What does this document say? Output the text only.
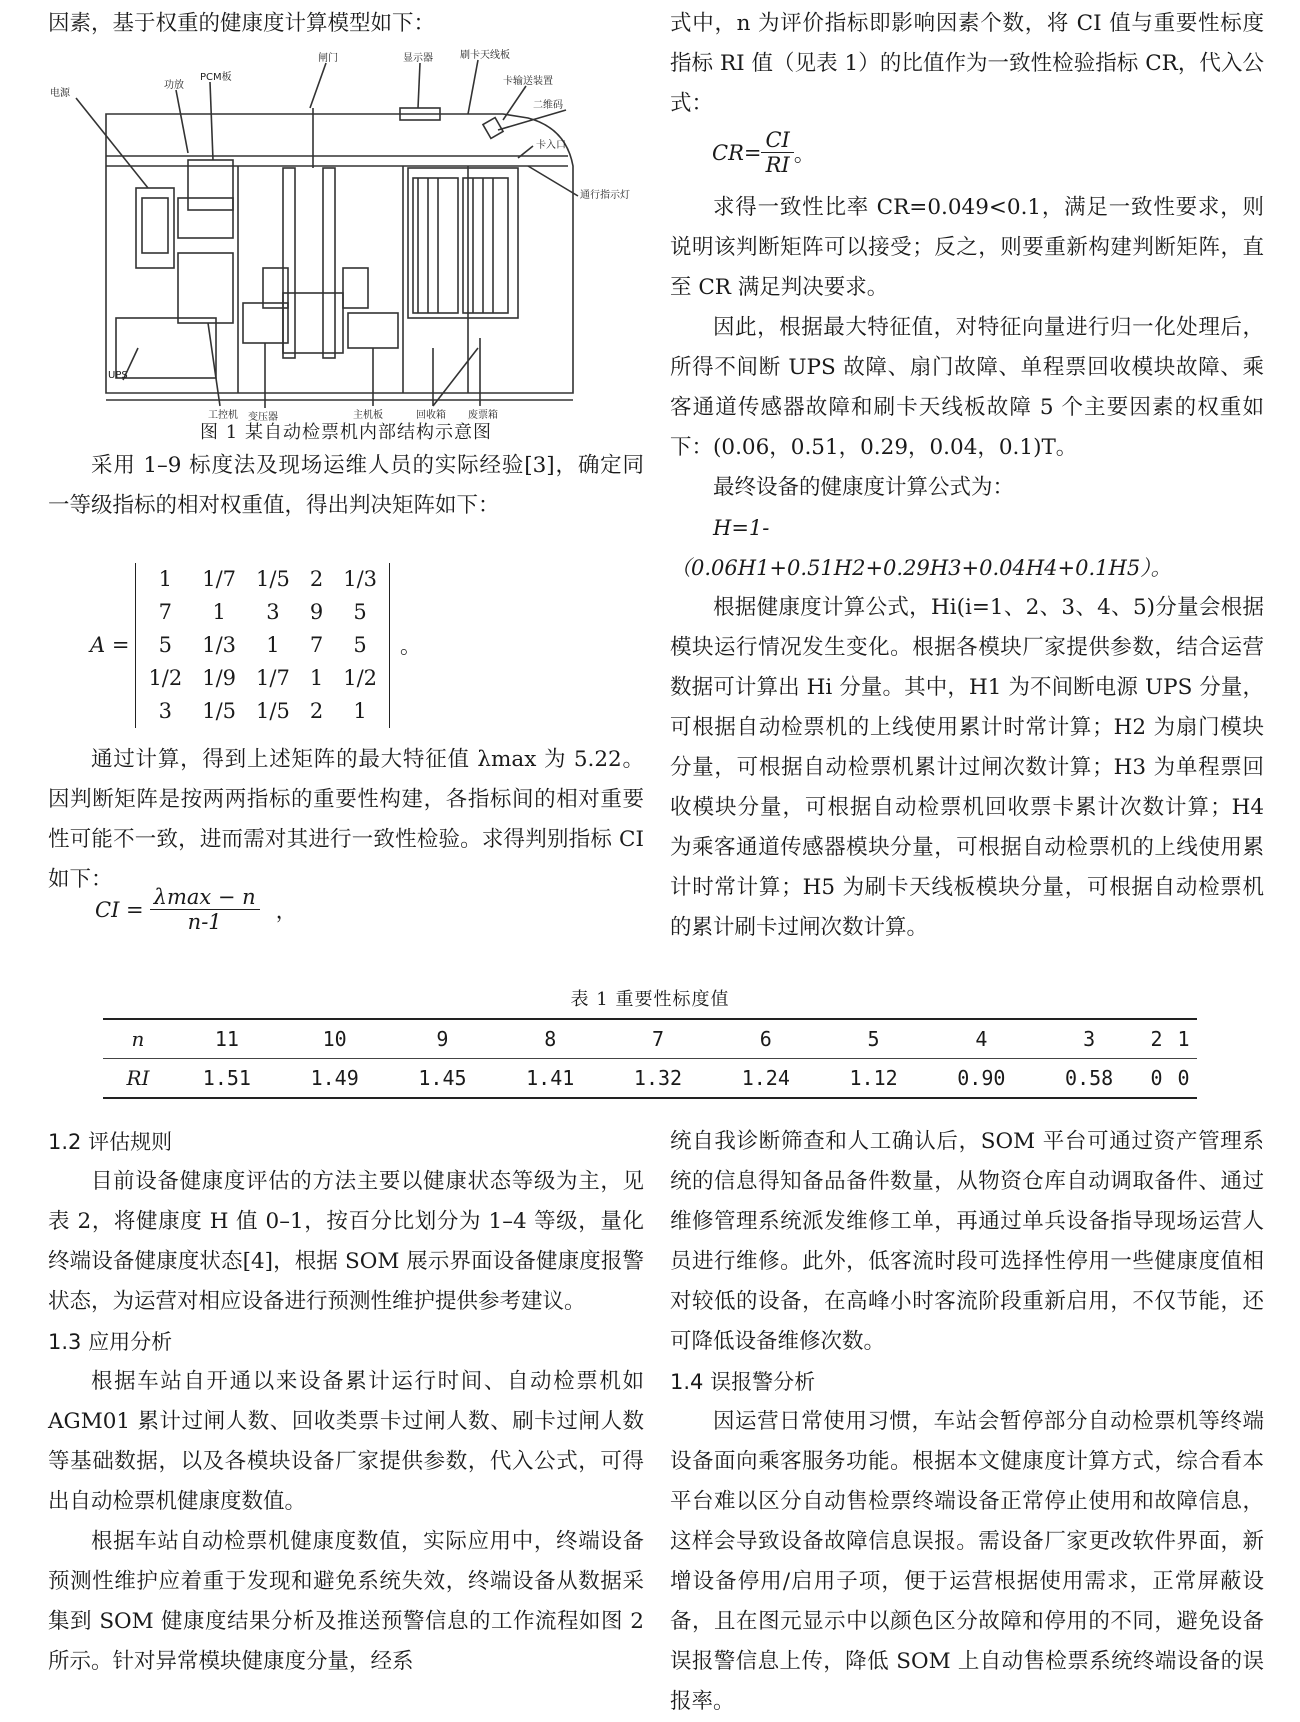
因素，基于权重的健康度计算模型如下：

电源
功放
PCM板
闸门	显示器	刷卡天线板
卡输送装置
二维码
卡入口
通行指示灯
UPS
工控机 变压器	主机板	回收箱 废票箱
图 1 某自动检票机内部结构示意图

采用 1–9 标度法及现场运维人员的实际经验[3]，确定同一等级指标的相对权重值，得出判决矩阵如下：

A =
1	1/7	1/5	2	1/3
7	1	3	9	5
5	1/3	1	7	5
1/2	1/9	1/7	1	1/2
3	1/5	1/5	2	1
。

通过计算，得到上述矩阵的最大特征值 λmax 为 5.22。因判断矩阵是按两两指标的重要性构建，各指标间的相对重要性可能不一致，进而需对其进行一致性检验。求得判别指标 CI 如下：

CI = $\frac{\lambda\max - n}{n-1}$ ，

式中，n 为评价指标即影响因素个数，将 CI 值与重要性标度指标 RI 值（见表 1）的比值作为一致性检验指标 CR，代入公式：

$CR= \frac{CI}{RI}$ 。

求得一致性比率 CR=0.049<0.1，满足一致性要求，则说明该判断矩阵可以接受；反之，则要重新构建判断矩阵，直至 CR 满足判决要求。

因此，根据最大特征值，对特征向量进行归一化处理后，所得不间断 UPS 故障、扇门故障、单程票回收模块故障、乘客通道传感器故障和刷卡天线板故障 5 个主要因素的权重如下：(0.06，0.51，0.29，0.04，0.1)T。

最终设备的健康度计算公式为：

H=1-（0.06H1+0.51H2+0.29H3+0.04H4+0.1H5）。

根据健康度计算公式，Hi(i=1、2、3、4、5)分量会根据模块运行情况发生变化。根据各模块厂家提供参数，结合运营数据可计算出 Hi 分量。其中，H1 为不间断电源 UPS 分量，可根据自动检票机的上线使用累计时常计算；H2 为扇门模块分量，可根据自动检票机累计过闸次数计算；H3 为单程票回收模块分量，可根据自动检票机回收票卡累计次数计算；H4 为乘客通道传感器模块分量，可根据自动检票机的上线使用累计时常计算；H5 为刷卡天线板模块分量，可根据自动检票机的累计刷卡过闸次数计算。

表 1 重要性标度值
n	11	10	9	8	7	6	5	4	3	2	1
RI	1.51	1.49	1.45	1.41	1.32	1.24	1.12	0.90	0.58	0	0

1.2 评估规则

目前设备健康度评估的方法主要以健康状态等级为主，见表 2，将健康度 H 值 0–1，按百分比划分为 1–4 等级，量化终端设备健康度状态[4]，根据 SOM 展示界面设备健康度报警状态，为运营对相应设备进行预测性维护提供参考建议。

1.3 应用分析

根据车站自开通以来设备累计运行时间、自动检票机如 AGM01 累计过闸人数、回收类票卡过闸人数、刷卡过闸人数等基础数据，以及各模块设备厂家提供参数，代入公式，可得出自动检票机健康度数值。

根据车站自动检票机健康度数值，实际应用中，终端设备预测性维护应着重于发现和避免系统失效，终端设备从数据采集到 SOM 健康度结果分析及推送预警信息的工作流程如图 2 所示。针对异常模块健康度分量，经系

统自我诊断筛查和人工确认后，SOM 平台可通过资产管理系统的信息得知备品备件数量，从物资仓库自动调取备件、通过维修管理系统派发维修工单，再通过单兵设备指导现场运营人员进行维修。此外，低客流时段可选择性停用一些健康度值相对较低的设备，在高峰小时客流阶段重新启用，不仅节能，还可降低设备维修次数。

1.4 误报警分析

因运营日常使用习惯，车站会暂停部分自动检票机等终端设备面向乘客服务功能。根据本文健康度计算方式，综合看本平台难以区分自动售检票终端设备正常停止使用和故障信息，这样会导致设备故障信息误报。需设备厂家更改软件界面，新增设备停用/启用子项，便于运营根据使用需求，正常屏蔽设备，且在图元显示中以颜色区分故障和停用的不同，避免设备误报警信息上传，降低 SOM 上自动售检票系统终端设备的误报率。
